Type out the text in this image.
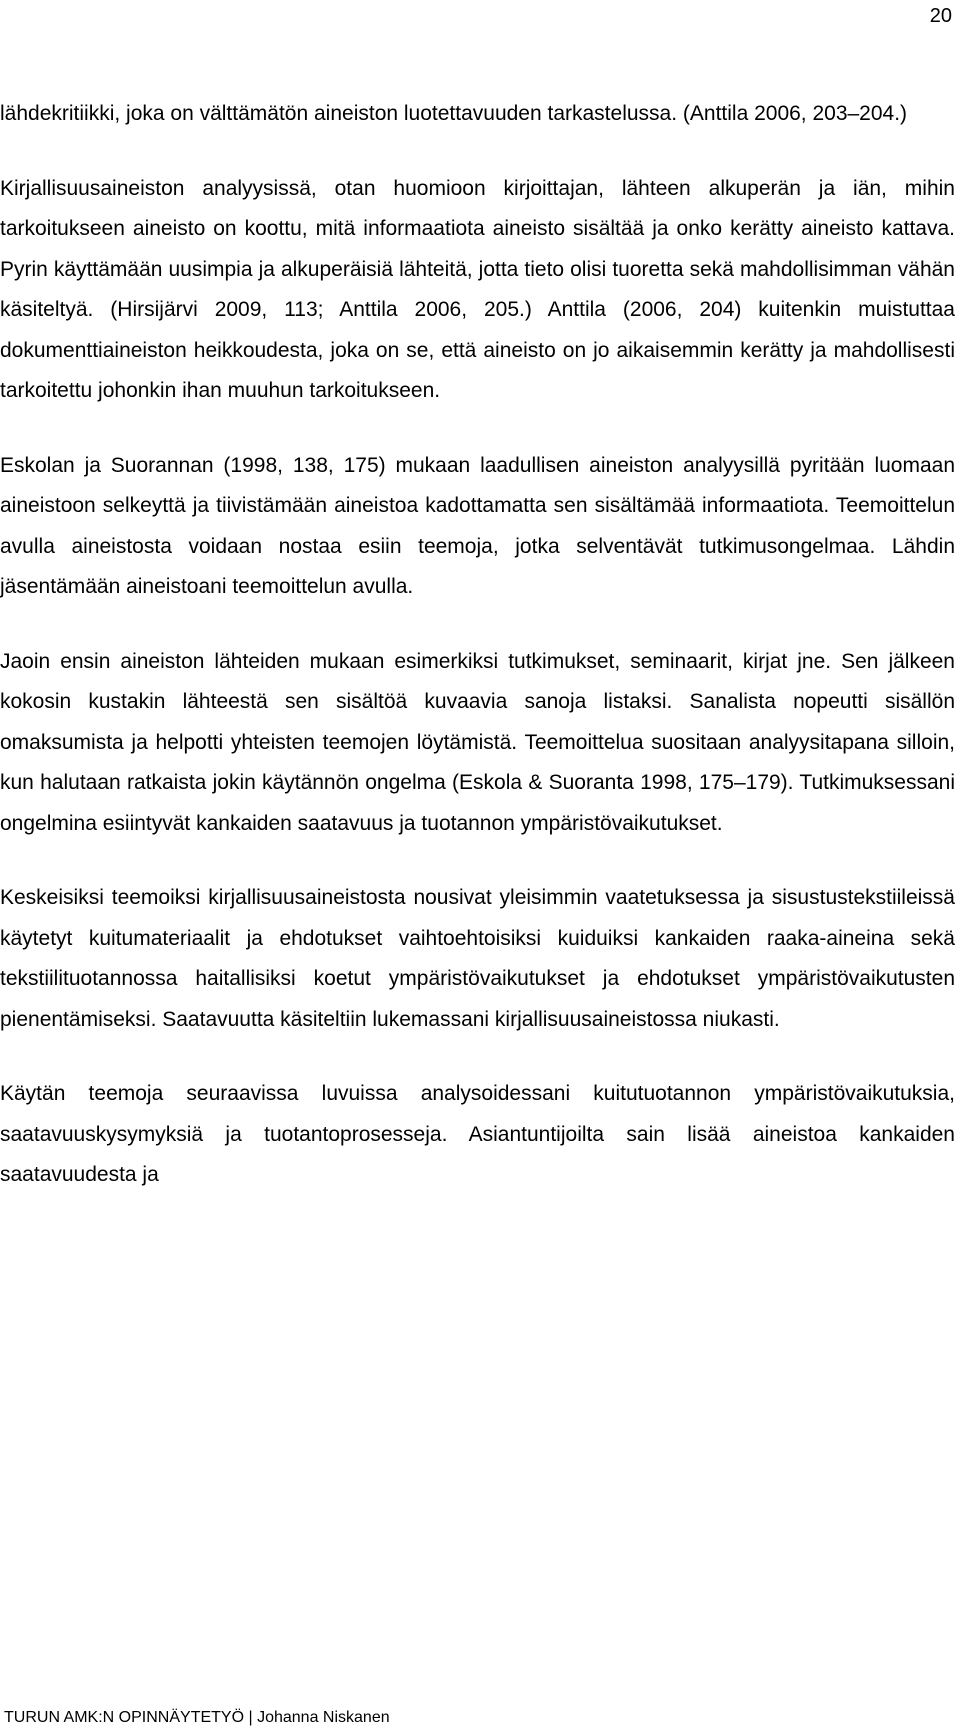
20

lähdekritiikki, joka on välttämätön aineiston luotettavuuden tarkastelussa. (Anttila 2006, 203–204.)

Kirjallisuusaineiston analyysissä, otan huomioon kirjoittajan, lähteen alkuperän ja iän, mihin tarkoitukseen aineisto on koottu, mitä informaatiota aineisto sisältää ja onko kerätty aineisto kattava. Pyrin käyttämään uusimpia ja alkuperäisiä lähteitä, jotta tieto olisi tuoretta sekä mahdollisimman vähän käsiteltyä. (Hirsijärvi 2009, 113; Anttila 2006, 205.) Anttila (2006, 204) kuitenkin muistuttaa dokumenttiaineiston heikkoudesta, joka on se, että aineisto on jo aikaisemmin kerätty ja mahdollisesti tarkoitettu johonkin ihan muuhun tarkoitukseen.

Eskolan ja Suorannan (1998, 138, 175) mukaan laadullisen aineiston analyysillä pyritään luomaan aineistoon selkeyttä ja tiivistämään aineistoa kadottamatta sen sisältämää informaatiota. Teemoittelun avulla aineistosta voidaan nostaa esiin teemoja, jotka selventävät tutkimusongelmaa. Lähdin jäsentämään aineistoani teemoittelun avulla.

Jaoin ensin aineiston lähteiden mukaan esimerkiksi tutkimukset, seminaarit, kirjat jne. Sen jälkeen kokosin kustakin lähteestä sen sisältöä kuvaavia sanoja listaksi. Sanalista nopeutti sisällön omaksumista ja helpotti yhteisten teemojen löytämistä. Teemoittelua suositaan analyysitapana silloin, kun halutaan ratkaista jokin käytännön ongelma (Eskola & Suoranta 1998, 175–179). Tutkimuksessani ongelmina esiintyvät kankaiden saatavuus ja tuotannon ympäristövaikutukset.

Keskeisiksi teemoiksi kirjallisuusaineistosta nousivat yleisimmin vaatetuksessa ja sisustustekstiileissä käytetyt kuitumateriaalit ja ehdotukset vaihtoehtoisiksi kuiduiksi kankaiden raaka-aineina sekä tekstiilituotannossa haitallisiksi koetut ympäristövaikutukset ja ehdotukset ympäristövaikutusten pienentämiseksi. Saatavuutta käsiteltiin lukemassani kirjallisuusaineistossa niukasti.

Käytän teemoja seuraavissa luvuissa analysoidessani kuitutuotannon ympäristövaikutuksia, saatavuuskysymyksiä ja tuotantoprosesseja. Asiantuntijoilta sain lisää aineistoa kankaiden saatavuudesta ja

TURUN AMK:N OPINNÄYTETYÖ | Johanna Niskanen
